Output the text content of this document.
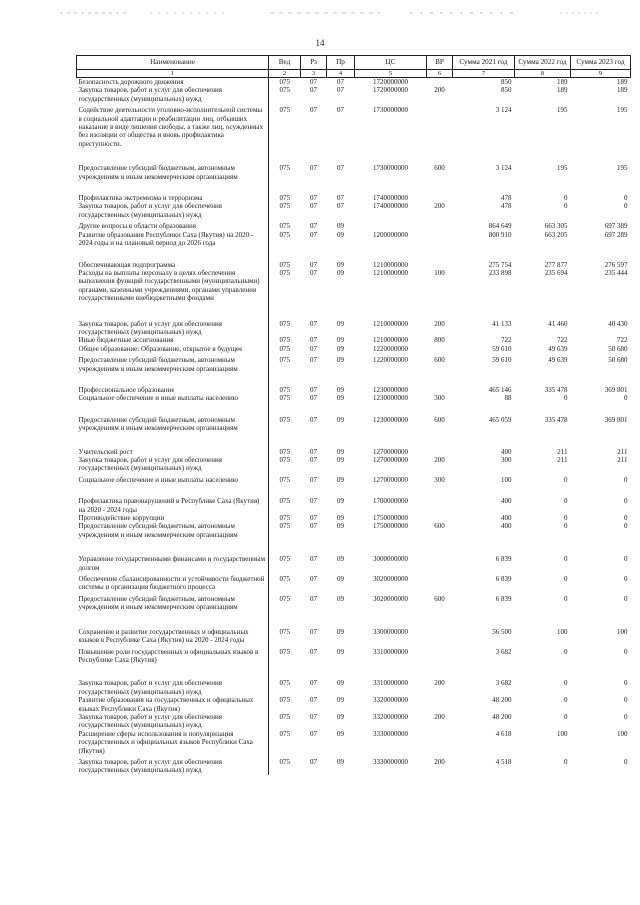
14
Наименование	Вед	Рз	Пр	ЦС	ВР	Сумма 2021 год	Сумма 2022 год	Сумма 2023 год
1	2	3	4	5	6	7	8	9
Безопасность дорожного движения	075	07	07	1720000000		850	189	189
Закупка товаров, работ и услуг для обеспечения государственных (муниципальных) нужд	075	07	07	1720000000	200	850	189	189
Содействие деятельности уголовно-исполнительной системы в социальной адаптации и реабилитации лиц, отбывших наказание в виде лишения свободы, а также лиц, осужденных без изоляции от общества и вновь профилактика преступности.	075	07	07	1730000000		3 124	195	195
Предоставление субсидий бюджетным, автономным учреждениям и иным некоммерческим организациям	075	07	07	1730000000	600	3 124	195	195
Профилактика экстремизма и терроризма	075	07	07	1740000000		478	0	0
Закупка товаров, работ и услуг для обеспечения государственных (муниципальных) нужд	075	07	07	1740000000	200	478	0	0
Другие вопросы в области образования	075	07	09			864 649	663 305	697 389
Развитие образования Республики Саха (Якутия) на 2020 - 2024 годы и на плановый период до 2026 года	075	07	09	1200000000		800 910	663 205	697 289
Обеспечивающая подпрограмма	075	07	09	1210000000		275 754	277 877	276 597
Расходы на выплаты персоналу в целях обеспечения выполнения функций государственными (муниципальными) органами, казенными учреждениями, органами управления государственными внебюджетными фондами	075	07	09	1210000000	100	233 898	235 694	235 444
Закупка товаров, работ и услуг для обеспечения государственных (муниципальных) нужд	075	07	09	1210000000	200	41 133	41 460	40 430
Иные бюджетные ассигнования	075	07	09	1210000000	800	722	722	722
Общее образование: Образование, открытое в будущее	075	07	09	1220000000		59 610	49 639	50 680
Предоставление субсидий бюджетным, автономным учреждениям и иным некоммерческим организациям	075	07	09	1220000000	600	59 610	49 639	50 680
Профессиональное образование	075	07	09	1230000000		465 146	335 478	369 801
Социальное обеспечение и иные выплаты населению	075	07	09	1230000000	300	88	0	0
Предоставление субсидий бюджетным, автономным учреждениям и иным некоммерческим организациям	075	07	09	1230000000	600	465 059	335 478	369 801
Учительский рост	075	07	09	1270000000		400	211	211
Закупка товаров, работ и услуг для обеспечения государственных (муниципальных) нужд	075	07	09	1270000000	200	300	211	211
Социальное обеспечение и иные выплаты населению	075	07	09	1270000000	300	100	0	0
Профилактика правонарушений в Республике Саха (Якутия) на 2020 - 2024 годы	075	07	09	1700000000		400	0	0
Противодействие коррупции	075	07	09	1750000000		400	0	0
Предоставление субсидий бюджетным, автономным учреждениям и иным некоммерческим организациям	075	07	09	1750000000	600	400	0	0
Управление государственными финансами и государственным долгом	075	07	09	3000000000		6 839	0	0
Обеспечение сбалансированности и устойчивости бюджетной системы и организация бюджетного процесса	075	07	09	3020000000		6 839	0	0
Предоставление субсидий бюджетным, автономным учреждениям и иным некоммерческим организациям	075	07	09	3020000000	600	6 839	0	0
Сохранение и развитие государственных и официальных языков в Республике Саха (Якутия) на 2020 - 2024 годы	075	07	09	3300000000		56 500	100	100
Повышение роли государственных и официальных языков в Республике Саха (Якутия)	075	07	09	3310000000		3 682	0	0
Закупка товаров, работ и услуг для обеспечения государственных (муниципальных) нужд	075	07	09	3310000000	200	3 682	0	0
Развитие образования на государственных и официальных языках Республики Саха (Якутия)	075	07	09	3320000000		48 200	0	0
Закупка товаров, работ и услуг для обеспечения государственных (муниципальных) нужд	075	07	09	3320000000	200	48 200	0	0
Расширение сферы использования и популяризация государственных и официальных языков Республики Саха (Якутия)	075	07	09	3330000000		4 618	100	100
Закупка товаров, работ и услуг для обеспечения государственных (муниципальных) нужд	075	07	09	3330000000	200	4 518	0	0
